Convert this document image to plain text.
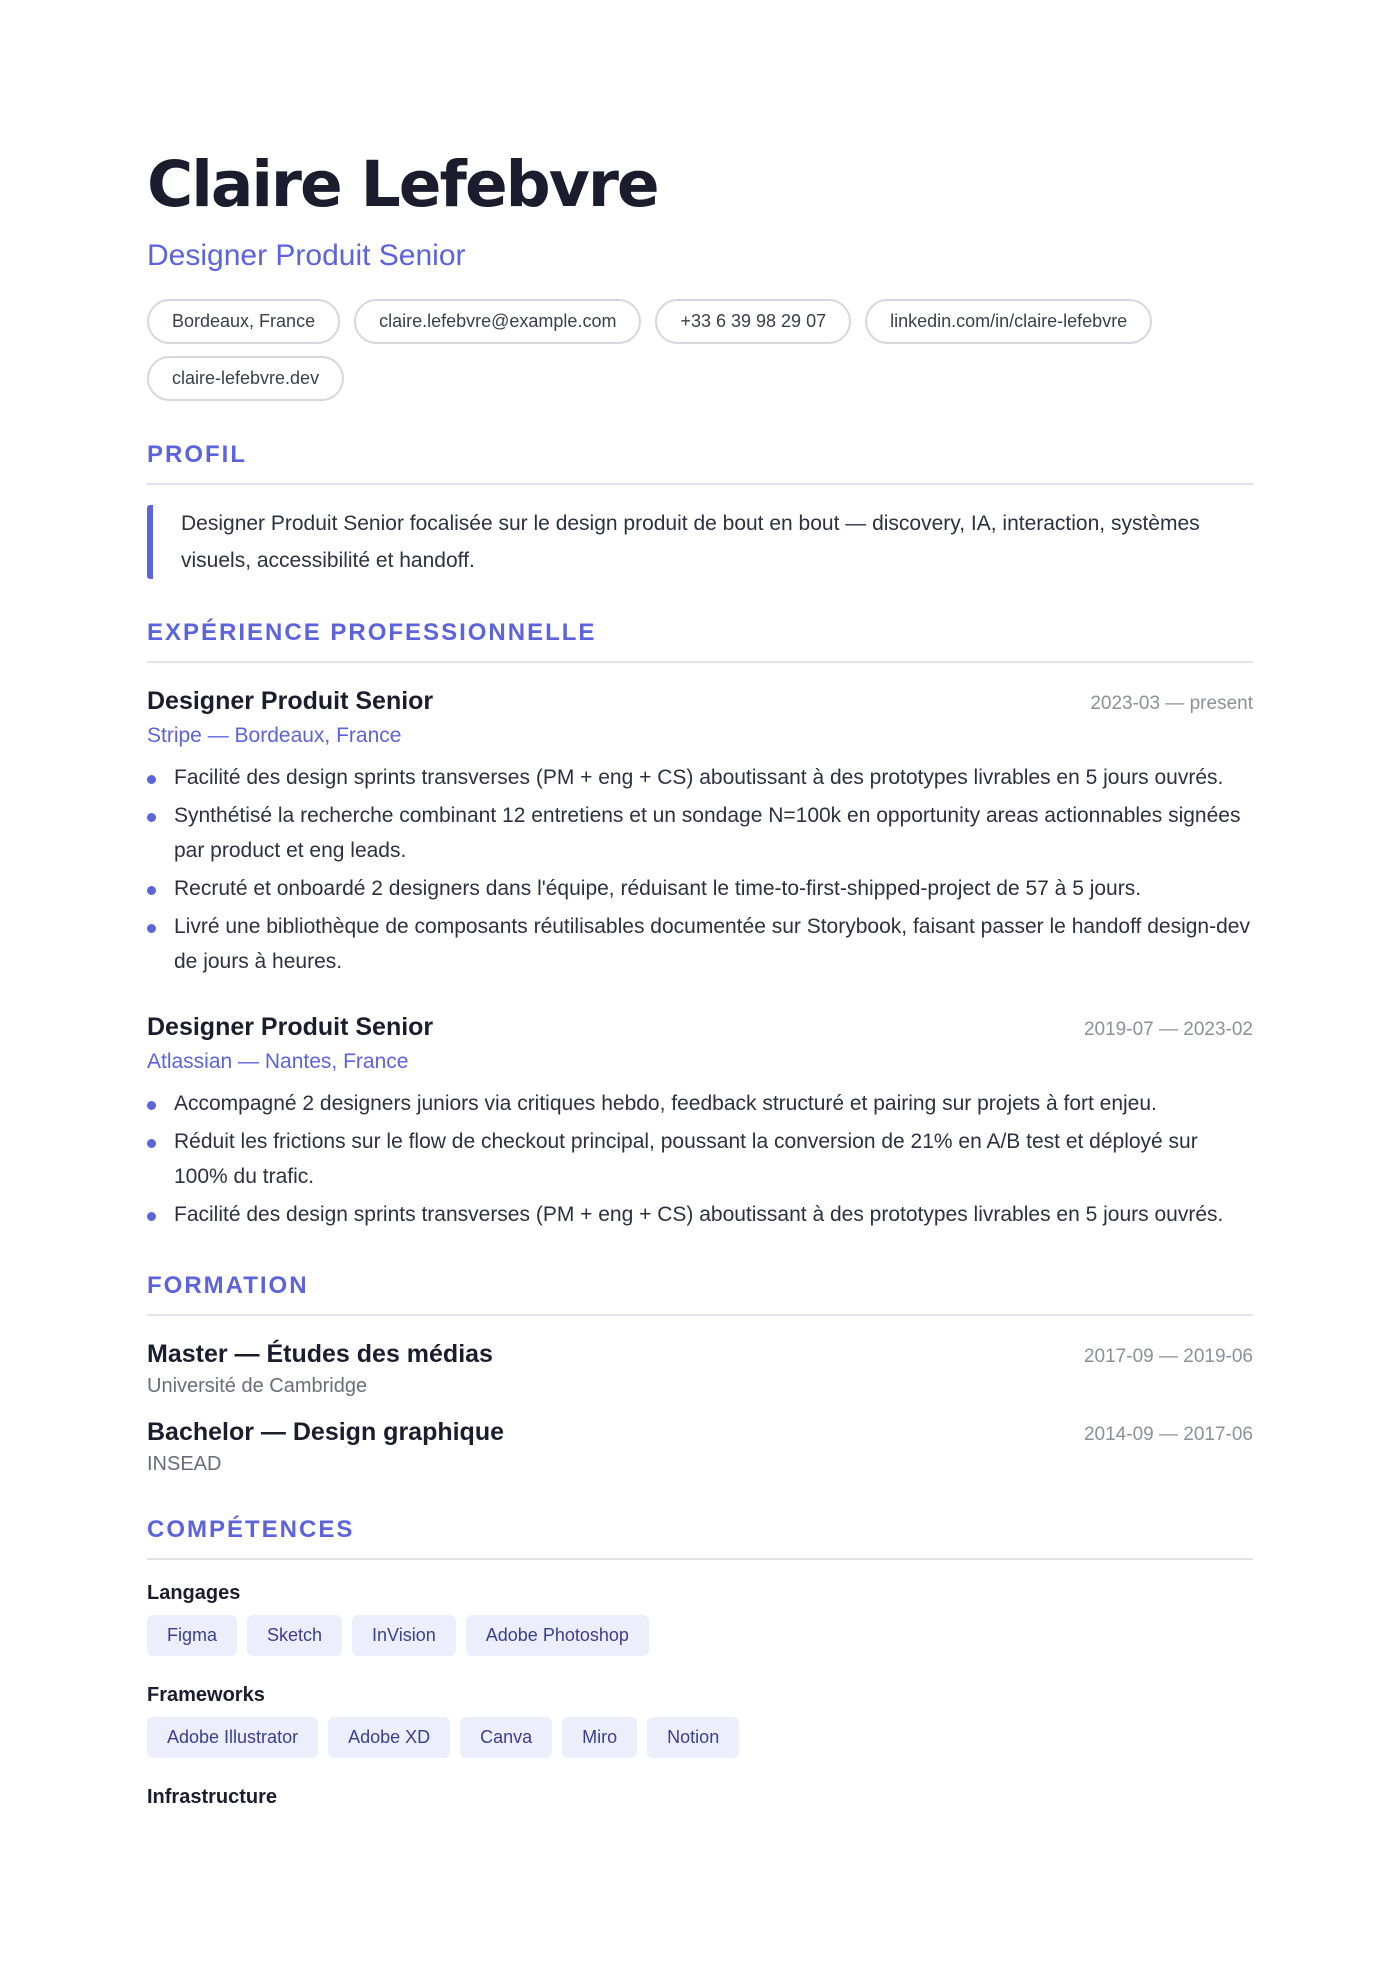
Claire Lefebvre
Designer Produit Senior
Bordeaux, France	claire.lefebvre@example.com	+33 6 39 98 29 07	linkedin.com/in/claire-lefebvre
claire-lefebvre.dev
PROFIL
Designer Produit Senior focalisée sur le design produit de bout en bout — discovery, IA, interaction, systèmes visuels, accessibilité et handoff.
EXPÉRIENCE PROFESSIONNELLE
Designer Produit Senior	2023-03 — present
Stripe — Bordeaux, France
Facilité des design sprints transverses (PM + eng + CS) aboutissant à des prototypes livrables en 5 jours ouvrés.
Synthétisé la recherche combinant 12 entretiens et un sondage N=100k en opportunity areas actionnables signées par product et eng leads.
Recruté et onboardé 2 designers dans l'équipe, réduisant le time-to-first-shipped-project de 57 à 5 jours.
Livré une bibliothèque de composants réutilisables documentée sur Storybook, faisant passer le handoff design-dev de jours à heures.
Designer Produit Senior	2019-07 — 2023-02
Atlassian — Nantes, France
Accompagné 2 designers juniors via critiques hebdo, feedback structuré et pairing sur projets à fort enjeu.
Réduit les frictions sur le flow de checkout principal, poussant la conversion de 21% en A/B test et déployé sur 100% du trafic.
Facilité des design sprints transverses (PM + eng + CS) aboutissant à des prototypes livrables en 5 jours ouvrés.
FORMATION
Master — Études des médias	2017-09 — 2019-06
Université de Cambridge
Bachelor — Design graphique	2014-09 — 2017-06
INSEAD
COMPÉTENCES
Langages
Figma	Sketch	InVision	Adobe Photoshop
Frameworks
Adobe Illustrator	Adobe XD	Canva	Miro	Notion
Infrastructure
